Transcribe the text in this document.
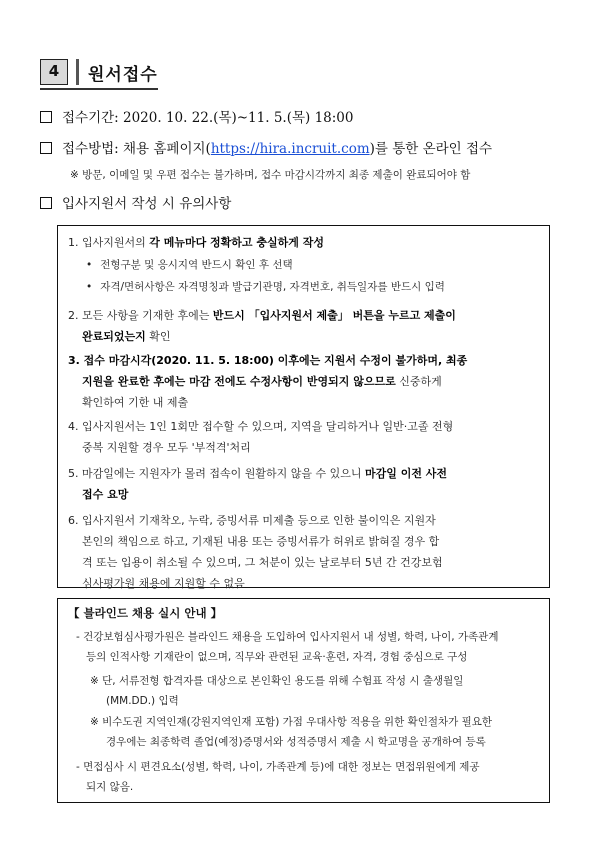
4	원서접수
접수기간: 2020. 10. 22.(목)~11. 5.(목) 18:00
접수방법: 채용 홈페이지(https://hira.incruit.com)를 통한 온라인 접수
※ 방문, 이메일 및 우편 접수는 불가하며, 접수 마감시각까지 최종 제출이 완료되어야 함
입사지원서 작성 시 유의사항
1. 입사지원서의 각 메뉴마다 정확하고 충실하게 작성
• 전형구분 및 응시지역 반드시 확인 후 선택
• 자격/면허사항은 자격명칭과 발급기관명, 자격번호, 취득일자를 반드시 입력
2. 모든 사항을 기재한 후에는 반드시 「입사지원서 제출」 버튼을 누르고 제출이
완료되었는지 확인
3. 접수 마감시각(2020. 11. 5. 18:00) 이후에는 지원서 수정이 불가하며, 최종
지원을 완료한 후에는 마감 전에도 수정사항이 반영되지 않으므로 신중하게
확인하여 기한 내 제출
4. 입사지원서는 1인 1회만 접수할 수 있으며, 지역을 달리하거나 일반·고졸 전형
중복 지원할 경우 모두 '부적격'처리
5. 마감일에는 지원자가 몰려 접속이 원활하지 않을 수 있으니 마감일 이전 사전
접수 요망
6. 입사지원서 기재착오, 누락, 증빙서류 미제출 등으로 인한 불이익은 지원자
본인의 책임으로 하고, 기재된 내용 또는 증빙서류가 허위로 밝혀질 경우 합
격 또는 입용이 취소될 수 있으며, 그 처분이 있는 날로부터 5년 간 건강보험
심사평가원 채용에 지원할 수 없음
【 블라인드 채용 실시 안내 】
- 건강보험심사평가원은 블라인드 채용을 도입하여 입사지원서 내 성별, 학력, 나이, 가족관계
등의 인적사항 기재란이 없으며, 직무와 관련된 교육·훈련, 자격, 경험 중심으로 구성
※ 단, 서류전형 합격자를 대상으로 본인확인 용도를 위해 수험표 작성 시 출생월일
(MM.DD.) 입력
※ 비수도권 지역인재(강원지역인재 포함) 가점 우대사항 적용을 위한 확인절차가 필요한
경우에는 최종학력 졸업(예정)증명서와 성적증명서 제출 시 학교명을 공개하여 등록
- 면접심사 시 편견요소(성별, 학력, 나이, 가족관계 등)에 대한 정보는 면접위원에게 제공
되지 않음.
